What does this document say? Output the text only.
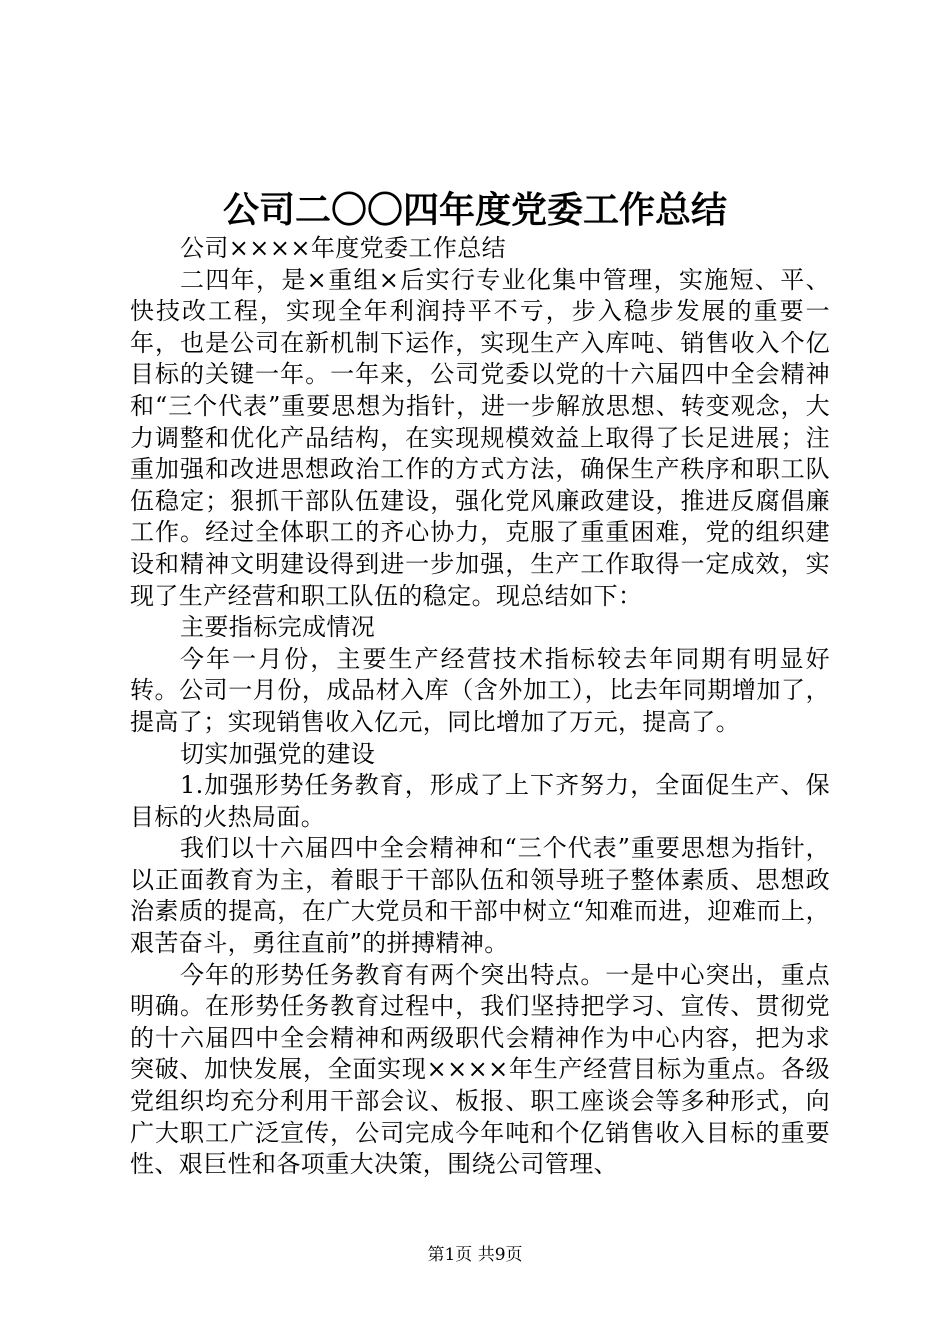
公司二〇〇四年度党委工作总结

公司××××年度党委工作总结

二四年，是×重组×后实行专业化集中管理，实施短、平、快技改工程，实现全年利润持平不亏，步入稳步发展的重要一年，也是公司在新机制下运作，实现生产入库吨、销售收入个亿目标的关键一年。一年来，公司党委以党的十六届四中全会精神和“三个代表”重要思想为指针，进一步解放思想、转变观念，大力调整和优化产品结构，在实现规模效益上取得了长足进展；注重加强和改进思想政治工作的方式方法，确保生产秩序和职工队伍稳定；狠抓干部队伍建设，强化党风廉政建设，推进反腐倡廉工作。经过全体职工的齐心协力，克服了重重困难，党的组织建设和精神文明建设得到进一步加强，生产工作取得一定成效，实现了生产经营和职工队伍的稳定。现总结如下：

主要指标完成情况

今年一月份，主要生产经营技术指标较去年同期有明显好转。公司一月份，成品材入库（含外加工），比去年同期增加了，提高了；实现销售收入亿元，同比增加了万元，提高了。

切实加强党的建设

1.加强形势任务教育，形成了上下齐努力，全面促生产、保目标的火热局面。

我们以十六届四中全会精神和“三个代表”重要思想为指针，以正面教育为主，着眼于干部队伍和领导班子整体素质、思想政治素质的提高，在广大党员和干部中树立“知难而进，迎难而上，艰苦奋斗，勇往直前”的拼搏精神。

今年的形势任务教育有两个突出特点。一是中心突出，重点明确。在形势任务教育过程中，我们坚持把学习、宣传、贯彻党的十六届四中全会精神和两级职代会精神作为中心内容，把为求突破、加快发展，全面实现××××年生产经营目标为重点。各级党组织均充分利用干部会议、板报、职工座谈会等多种形式，向广大职工广泛宣传，公司完成今年吨和个亿销售收入目标的重要性、艰巨性和各项重大决策，围绕公司管理、

第1页 共9页
